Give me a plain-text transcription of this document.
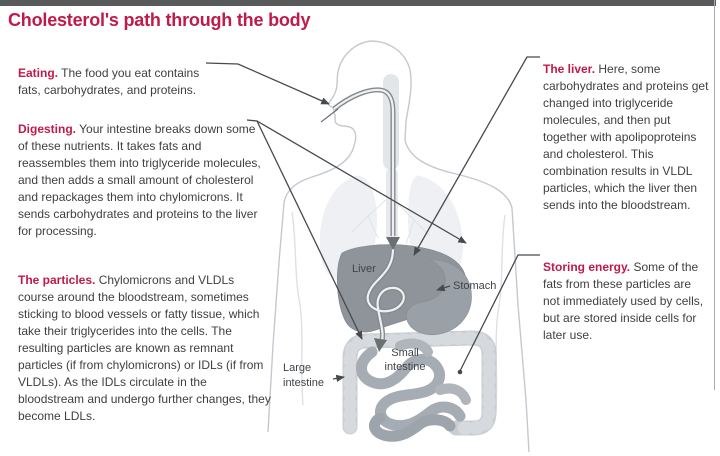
Cholesterol's path through the body
Liver
Stomach
Small
intestine
Large
intestine

Eating. The food you eat contains fats, carbohydrates, and proteins.

Digesting. Your intestine breaks down some of these nutrients. It takes fats and reassembles them into triglyceride molecules, and then adds a small amount of cholesterol and repackages them into chylomicrons. It sends carbohydrates and proteins to the liver for processing.

The particles. Chylomicrons and VLDLs course around the bloodstream, sometimes sticking to blood vessels or fatty tissue, which take their triglycerides into the cells. The resulting particles are known as remnant particles (if from chylomicrons) or IDLs (if from VLDLs). As the IDLs circulate in the bloodstream and undergo further changes, they become LDLs.

The liver. Here, some carbohydrates and proteins get changed into triglyceride molecules, and then put together with apolipoproteins and cholesterol. This combination results in VLDL particles, which the liver then sends into the bloodstream.

Storing energy. Some of the fats from these particles are not immediately used by cells, but are stored inside cells for later use.
